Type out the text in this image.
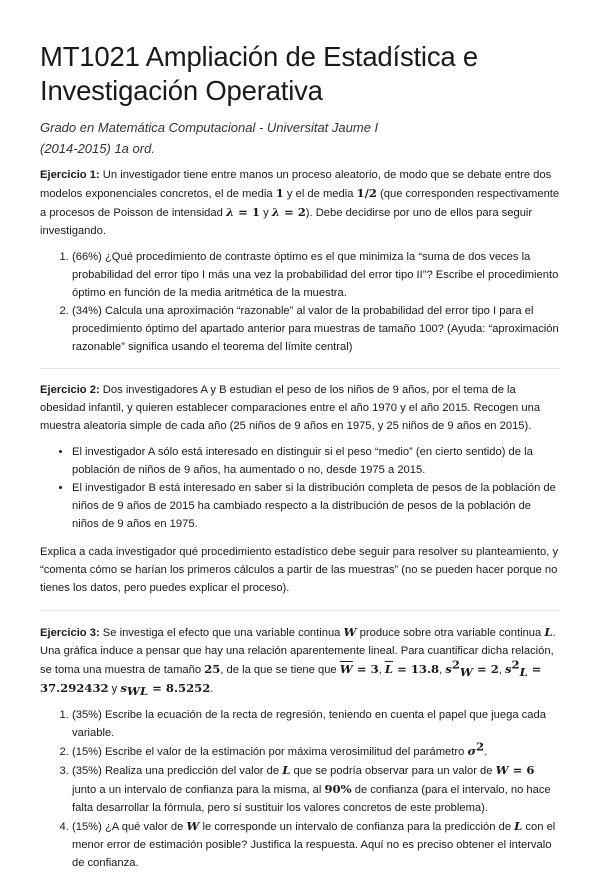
MT1021 Ampliación de Estadística e
Investigación Operativa
Grado en Matemática Computacional - Universitat Jaume I
(2014-2015) 1a ord.

Ejercicio 1: Un investigador tiene entre manos un proceso aleatorio, de modo que se debate entre dos modelos exponenciales concretos, el de media 1 y el de media 1/2 (que corresponden respectivamente a procesos de Poisson de intensidad λ = 1 y λ = 2). Debe decidirse por uno de ellos para seguir investigando.

1. (66%) ¿Qué procedimiento de contraste óptimo es el que minimiza la “suma de dos veces la probabilidad del error tipo I más una vez la probabilidad del error tipo II”? Escribe el procedimiento óptimo en función de la media aritmética de la muestra.
2. (34%) Calcula una aproximación “razonable” al valor de la probabilidad del error tipo I para el procedimiento óptimo del apartado anterior para muestras de tamaño 100? (Ayuda: “aproximación razonable” significa usando el teorema del límite central)

Ejercicio 2: Dos investigadores A y B estudian el peso de los niños de 9 años, por el tema de la obesidad infantil, y quieren establecer comparaciones entre el año 1970 y el año 2015. Recogen una muestra aleatoria simple de cada año (25 niños de 9 años en 1975, y 25 niños de 9 años en 2015).

• El investigador A sólo está interesado en distinguir si el peso “medio” (en cierto sentido) de la población de niños de 9 años, ha aumentado o no, desde 1975 a 2015.
• El investigador B está interesado en saber si la distribución completa de pesos de la población de niños de 9 años de 2015 ha cambiado respecto a la distribución de pesos de la población de niños de 9 años en 1975.

Explica a cada investigador qué procedimiento estadístico debe seguir para resolver su planteamiento, y “comenta cómo se harían los primeros cálculos a partir de las muestras” (no se pueden hacer porque no tienes los datos, pero puedes explicar el proceso).

Ejercicio 3: Se investiga el efecto que una variable continua W produce sobre otra variable continua L. Una gráfica induce a pensar que hay una relación aparentemente lineal. Para cuantificar dicha relación, se toma una muestra de tamaño 25, de la que se tiene que $\overline{W} = 3$, $\overline{L} = 13.8$, $s^2_W = 2$, $s^2_L = 37.292432$ y $s_{WL} = 8.5252$.

1. (35%) Escribe la ecuación de la recta de regresión, teniendo en cuenta el papel que juega cada variable.
2. (15%) Escribe el valor de la estimación por máxima verosimilitud del parámetro $\sigma^2$.
3. (35%) Realiza una predicción del valor de L que se podría observar para un valor de W = 6 junto a un intervalo de confianza para la misma, al 90% de confianza (para el intervalo, no hace falta desarrollar la fórmula, pero sí sustituir los valores concretos de este problema).
4. (15%) ¿A qué valor de W le corresponde un intervalo de confianza para la predicción de L con el menor error de estimación posible? Justifica la respuesta. Aquí no es preciso obtener el intervalo de confianza.
